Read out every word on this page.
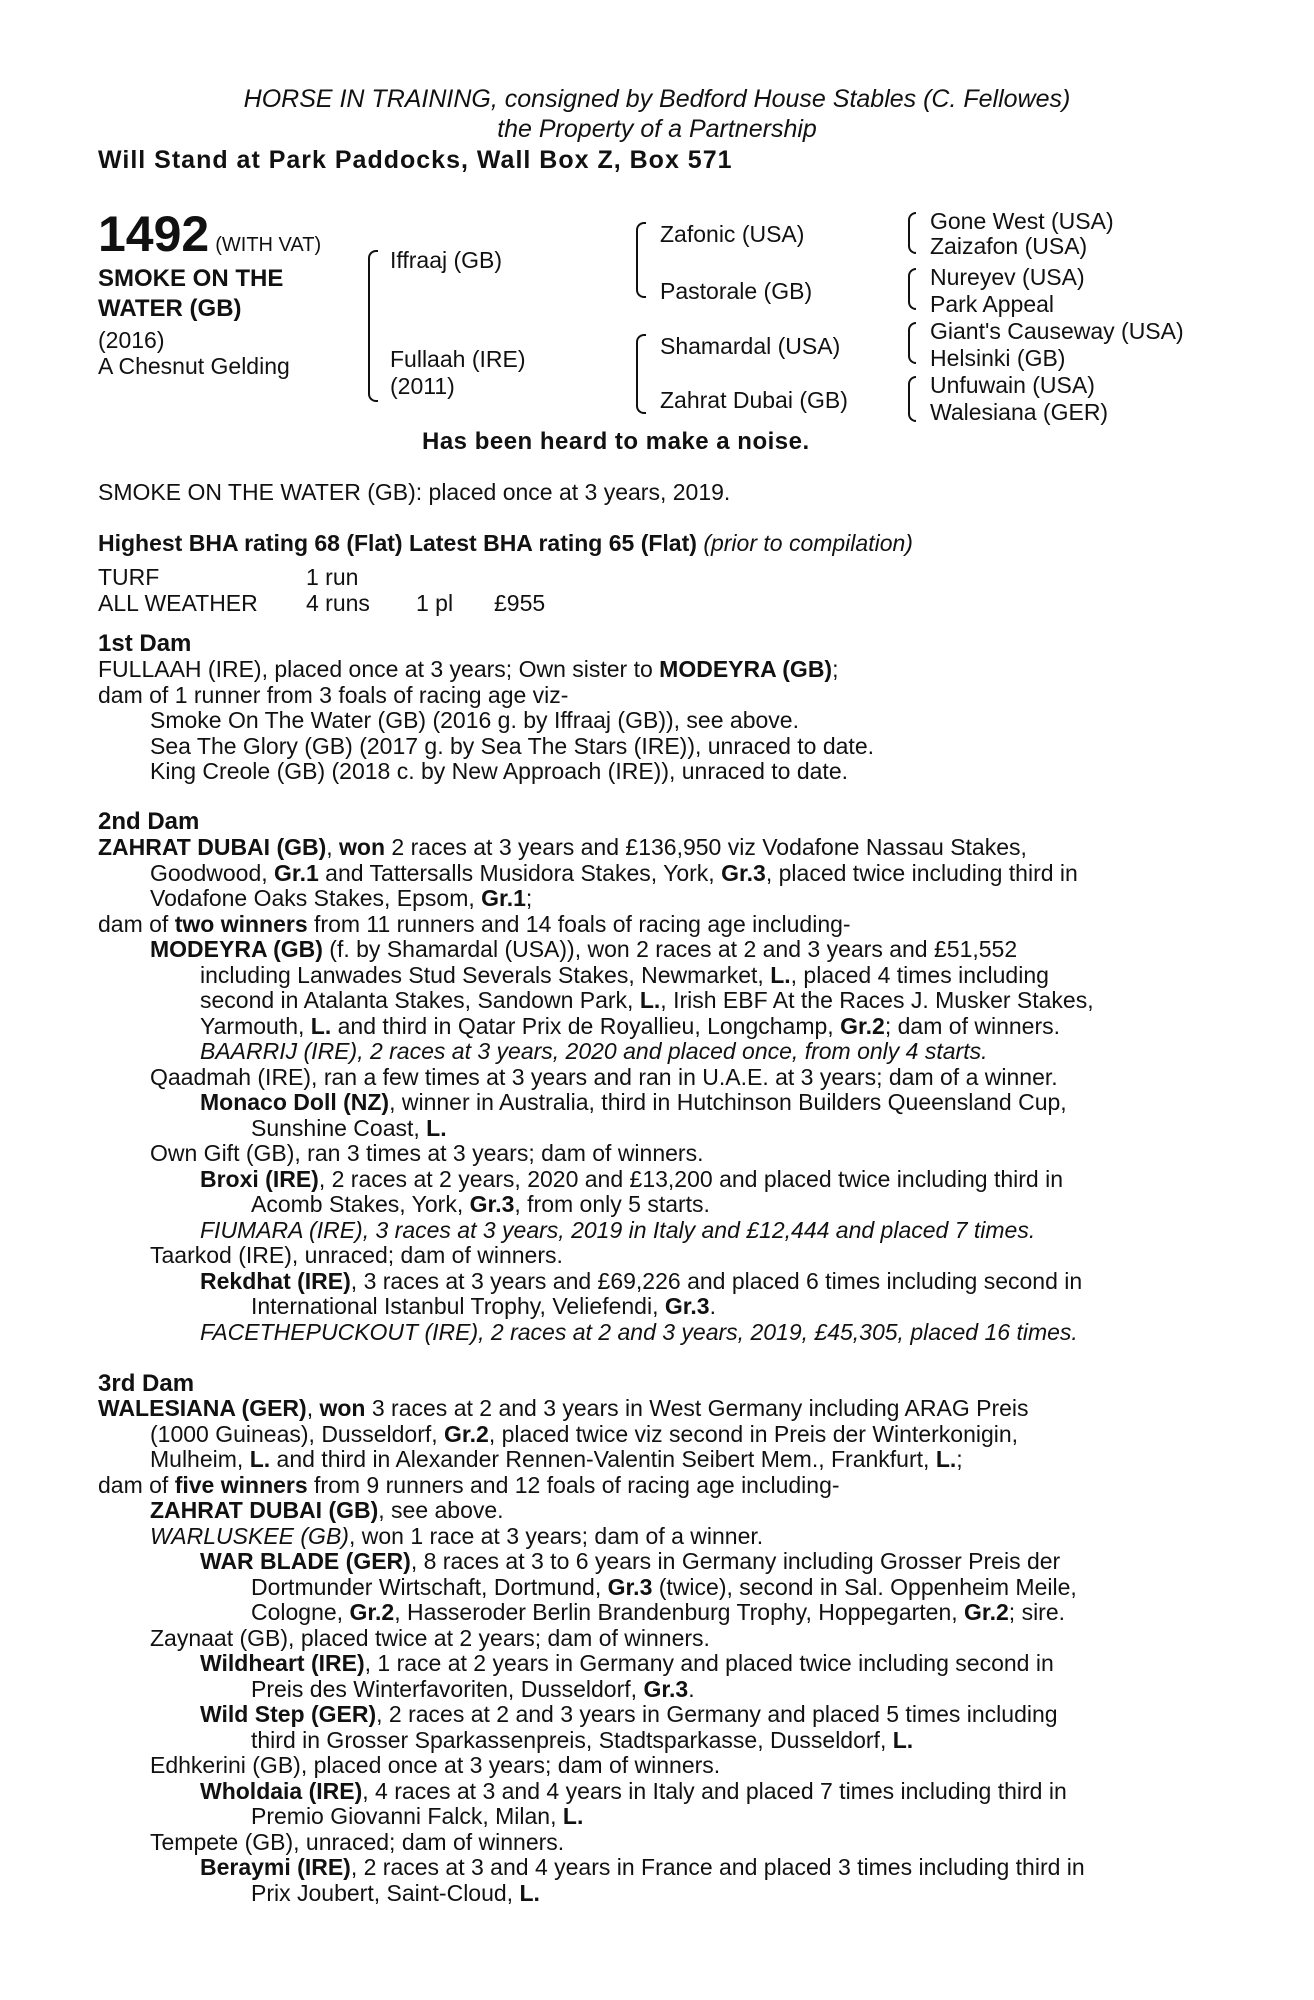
HORSE IN TRAINING, consigned by Bedford House Stables (C. Fellowes)
the Property of a Partnership
Will Stand at Park Paddocks, Wall Box Z, Box 571
1492 (WITH VAT)
SMOKE ON THE
WATER (GB)
(2016)
A Chesnut Gelding
Iffraaj (GB)
Fullaah (IRE)
(2011)
Zafonic (USA)
Pastorale (GB)
Shamardal (USA)
Zahrat Dubai (GB)
Gone West (USA)
Zaizafon (USA)
Nureyev (USA)
Park Appeal
Giant's Causeway (USA)
Helsinki (GB)
Unfuwain (USA)
Walesiana (GER)
Has been heard to make a noise.
SMOKE ON THE WATER (GB): placed once at 3 years, 2019.
Highest BHA rating 68 (Flat) Latest BHA rating 65 (Flat) (prior to compilation)
TURF	1 run		
ALL WEATHER	4 runs	1 pl	£955
1st Dam
FULLAAH (IRE), placed once at 3 years; Own sister to MODEYRA (GB);
dam of 1 runner from 3 foals of racing age viz-
Smoke On The Water (GB) (2016 g. by Iffraaj (GB)), see above.
Sea The Glory (GB) (2017 g. by Sea The Stars (IRE)), unraced to date.
King Creole (GB) (2018 c. by New Approach (IRE)), unraced to date.
2nd Dam
ZAHRAT DUBAI (GB), won 2 races at 3 years and £136,950 viz Vodafone Nassau Stakes,
Goodwood, Gr.1 and Tattersalls Musidora Stakes, York, Gr.3, placed twice including third in
Vodafone Oaks Stakes, Epsom, Gr.1;
dam of two winners from 11 runners and 14 foals of racing age including-
MODEYRA (GB) (f. by Shamardal (USA)), won 2 races at 2 and 3 years and £51,552
including Lanwades Stud Severals Stakes, Newmarket, L., placed 4 times including
second in Atalanta Stakes, Sandown Park, L., Irish EBF At the Races J. Musker Stakes,
Yarmouth, L. and third in Qatar Prix de Royallieu, Longchamp, Gr.2; dam of winners.
BAARRIJ (IRE), 2 races at 3 years, 2020 and placed once, from only 4 starts.
Qaadmah (IRE), ran a few times at 3 years and ran in U.A.E. at 3 years; dam of a winner.
Monaco Doll (NZ), winner in Australia, third in Hutchinson Builders Queensland Cup,
Sunshine Coast, L.
Own Gift (GB), ran 3 times at 3 years; dam of winners.
Broxi (IRE), 2 races at 2 years, 2020 and £13,200 and placed twice including third in
Acomb Stakes, York, Gr.3, from only 5 starts.
FIUMARA (IRE), 3 races at 3 years, 2019 in Italy and £12,444 and placed 7 times.
Taarkod (IRE), unraced; dam of winners.
Rekdhat (IRE), 3 races at 3 years and £69,226 and placed 6 times including second in
International Istanbul Trophy, Veliefendi, Gr.3.
FACETHEPUCKOUT (IRE), 2 races at 2 and 3 years, 2019, £45,305, placed 16 times.
3rd Dam
WALESIANA (GER), won 3 races at 2 and 3 years in West Germany including ARAG Preis
(1000 Guineas), Dusseldorf, Gr.2, placed twice viz second in Preis der Winterkonigin,
Mulheim, L. and third in Alexander Rennen-Valentin Seibert Mem., Frankfurt, L.;
dam of five winners from 9 runners and 12 foals of racing age including-
ZAHRAT DUBAI (GB), see above.
WARLUSKEE (GB), won 1 race at 3 years; dam of a winner.
WAR BLADE (GER), 8 races at 3 to 6 years in Germany including Grosser Preis der
Dortmunder Wirtschaft, Dortmund, Gr.3 (twice), second in Sal. Oppenheim Meile,
Cologne, Gr.2, Hasseroder Berlin Brandenburg Trophy, Hoppegarten, Gr.2; sire.
Zaynaat (GB), placed twice at 2 years; dam of winners.
Wildheart (IRE), 1 race at 2 years in Germany and placed twice including second in
Preis des Winterfavoriten, Dusseldorf, Gr.3.
Wild Step (GER), 2 races at 2 and 3 years in Germany and placed 5 times including
third in Grosser Sparkassenpreis, Stadtsparkasse, Dusseldorf, L.
Edhkerini (GB), placed once at 3 years; dam of winners.
Wholdaia (IRE), 4 races at 3 and 4 years in Italy and placed 7 times including third in
Premio Giovanni Falck, Milan, L.
Tempete (GB), unraced; dam of winners.
Beraymi (IRE), 2 races at 3 and 4 years in France and placed 3 times including third in
Prix Joubert, Saint-Cloud, L.
